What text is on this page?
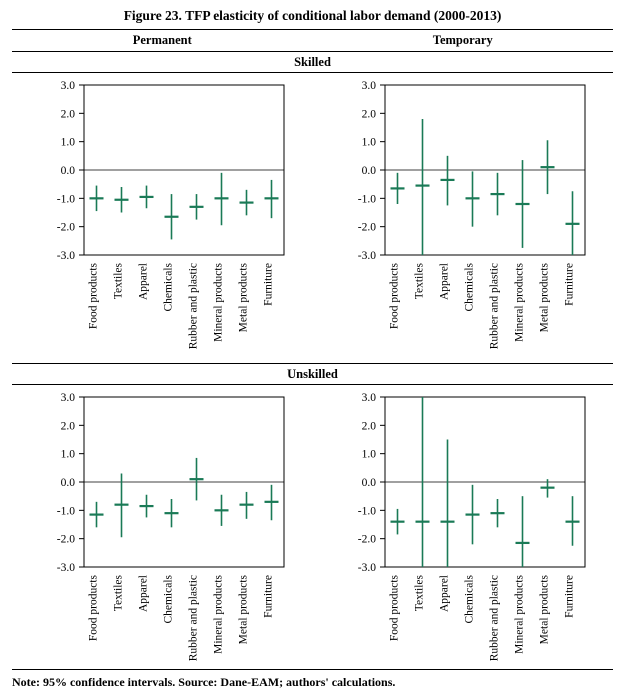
Figure 23. TFP elasticity of conditional labor demand (2000-2013)
Permanent	Temporary
Skilled
-3.0
-2.0
-1.0
0.0
1.0
2.0
3.0
Food products Textiles Apparel Chemicals Rubber and plastic Mineral products Metal products Furniture
-3.0
-2.0
-1.0
0.0
1.0
2.0
3.0
Food products Textiles Apparel Chemicals Rubber and plastic Mineral products Metal products Furniture
Unskilled
-3.0
-2.0
-1.0
0.0
1.0
2.0
3.0
Food products Textiles Apparel Chemicals Rubber and plastic Mineral products Metal products Furniture
-3.0
-2.0
-1.0
0.0
1.0
2.0
3.0
Food products Textiles Apparel Chemicals Rubber and plastic Mineral products Metal products Furniture
Note: 95% confidence intervals. Source: Dane-EAM; authors' calculations.
